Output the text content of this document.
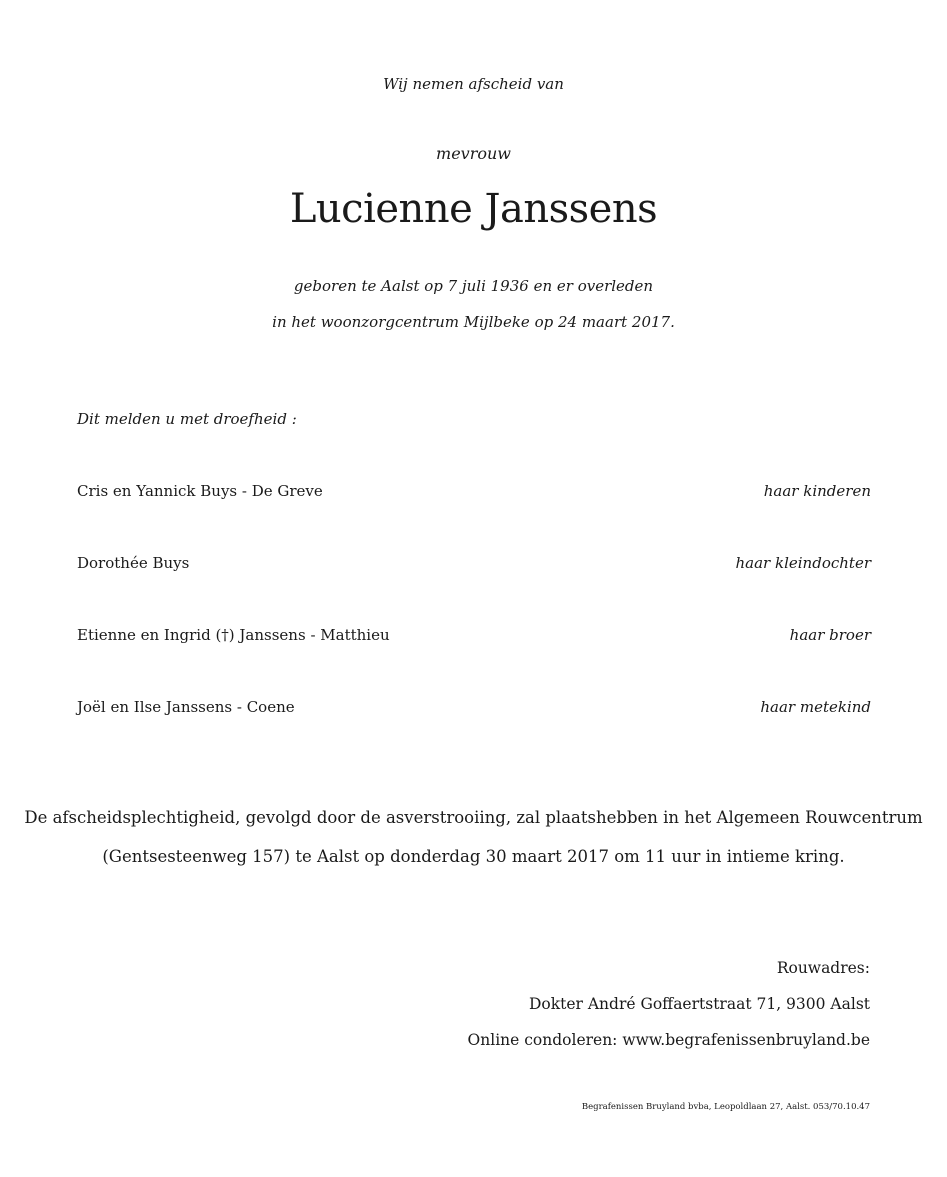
Wij nemen afscheid van
mevrouw
Lucienne Janssens
geboren te Aalst op 7 juli 1936 en er overleden
in het woonzorgcentrum Mijlbeke op 24 maart 2017.
Dit melden u met droefheid :
Cris en Yannick Buys - De Greve	haar kinderen
Dorothée Buys	haar kleindochter
Etienne en Ingrid (†) Janssens - Matthieu	haar broer
Joël en Ilse Janssens - Coene	haar metekind
De afscheidsplechtigheid, gevolgd door de asverstrooiing, zal plaatshebben in het Algemeen Rouwcentrum
(Gentsesteenweg 157) te Aalst op donderdag 30 maart 2017 om 11 uur in intieme kring.
Rouwadres:
Dokter André Goffaertstraat 71, 9300 Aalst
Online condoleren: www.begrafenissenbruyland.be
Begrafenissen Bruyland bvba, Leopoldlaan 27, Aalst. 053/70.10.47
